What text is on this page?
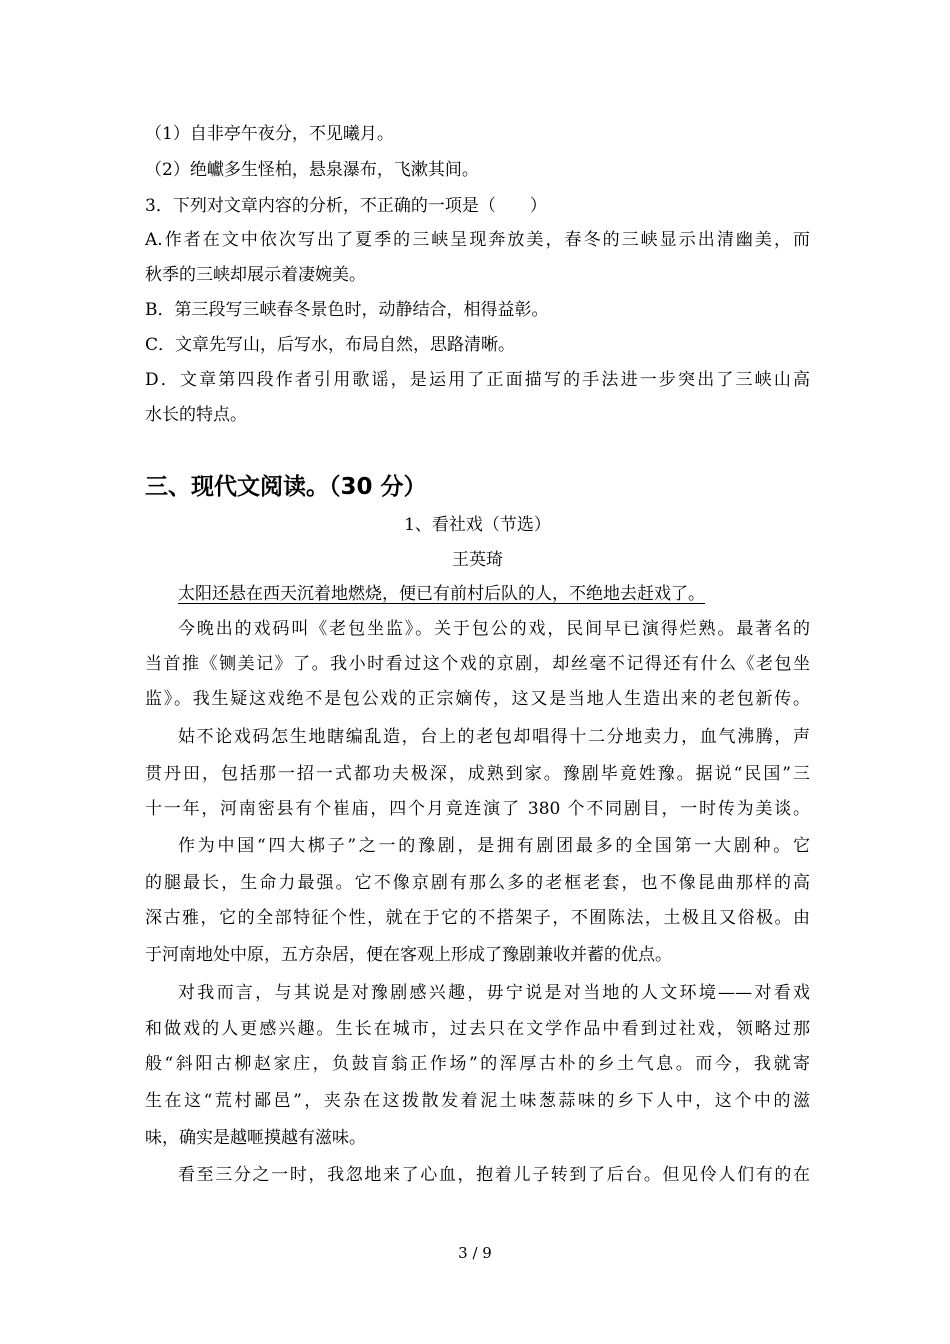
（1）自非亭午夜分，不见曦月。
（2）绝巘多生怪柏，悬泉瀑布，飞漱其间。
3．下列对文章内容的分析，不正确的一项是（　　）
A.作者在文中依次写出了夏季的三峡呈现奔放美，春冬的三峡显示出清幽美，而
秋季的三峡却展示着凄婉美。
B．第三段写三峡春冬景色时，动静结合，相得益彰。
C．文章先写山，后写水，布局自然，思路清晰。
D．文章第四段作者引用歌谣，是运用了正面描写的手法进一步突出了三峡山高
水长的特点。
三、现代文阅读。（30 分）
1、看社戏（节选）
王英琦
太阳还悬在西天沉着地燃烧，便已有前村后队的人，不绝地去赶戏了。
今晚出的戏码叫《老包坐监》。关于包公的戏，民间早已演得烂熟。最著名的
当首推《铡美记》了。我小时看过这个戏的京剧，却丝毫不记得还有什么《老包坐
监》。我生疑这戏绝不是包公戏的正宗嫡传，这又是当地人生造出来的老包新传。
姑不论戏码怎生地瞎编乱造，台上的老包却唱得十二分地卖力，血气沸腾，声
贯丹田，包括那一招一式都功夫极深，成熟到家。豫剧毕竟姓豫。据说“民国”三
十一年，河南密县有个崔庙，四个月竟连演了 380 个不同剧目，一时传为美谈。
作为中国“四大梆子”之一的豫剧，是拥有剧团最多的全国第一大剧种。它
的腿最长，生命力最强。它不像京剧有那么多的老框老套，也不像昆曲那样的高
深古雅，它的全部特征个性，就在于它的不搭架子，不囿陈法，土极且又俗极。由
于河南地处中原，五方杂居，便在客观上形成了豫剧兼收并蓄的优点。
对我而言，与其说是对豫剧感兴趣，毋宁说是对当地的人文环境——对看戏
和做戏的人更感兴趣。生长在城市，过去只在文学作品中看到过社戏，领略过那
般“斜阳古柳赵家庄，负鼓盲翁正作场”的浑厚古朴的乡土气息。而今，我就寄
生在这“荒村鄙邑”，夹杂在这拨散发着泥土味葱蒜味的乡下人中，这个中的滋
味，确实是越咂摸越有滋味。
看至三分之一时，我忽地来了心血，抱着儿子转到了后台。但见伶人们有的在
3 / 9
